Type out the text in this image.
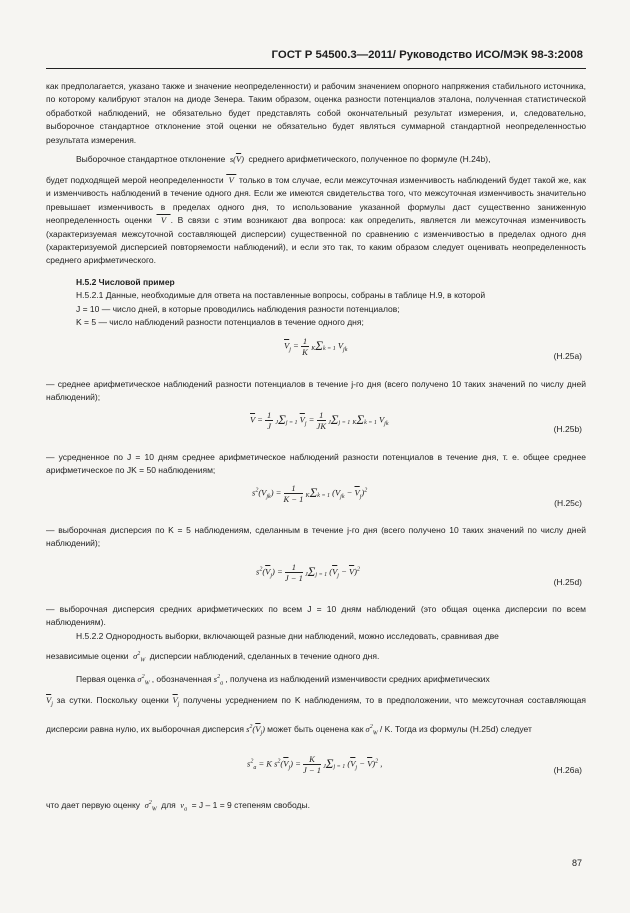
ГОСТ Р 54500.3—2011/ Руководство ИСО/МЭК 98-3:2008
как предполагается, указано также и значение неопределенности) и рабочим значением опорного напряжения стабильного источника, по которому калибруют эталон на диоде Зенера. Таким образом, оценка разности потенциалов эталона, полученная статистической обработкой наблюдений, не обязательно будет представлять собой окончательный результат измерения, и, следовательно, выборочное стандартное отклонение этой оценки не обязательно будет являться суммарной стандартной неопределенностью результата измерения.
Выборочное стандартное отклонение  $s(\overline{V})$  среднего арифметического, полученное по формуле (Н.24b),
будет подходящей мерой неопределенности  V  только в том случае, если межсуточная изменчивость наблюдений будет такой же, как и изменчивость наблюдений в течение одного дня. Если же имеются свидетельства того, что межсуточная изменчивость значительно превышает изменчивость в пределах одного дня, то использование указанной формулы даст существенно заниженную неопределенность оценки  V . В связи с этим возникают два вопроса: как определить, является ли межсуточная изменчивость (характеризуемая межсуточной составляющей дисперсии) существенной по сравнению с изменчивостью в пределах одного дня (характеризуемой дисперсией повторяемости наблюдений), и если это так, то каким образом следует оценивать неопределенность среднего арифметического.
Н.5.2 Числовой пример
Н.5.2.1 Данные, необходимые для ответа на поставленные вопросы, собраны в таблице Н.9, в которой
J = 10 — число дней, в которые проводились наблюдения разности потенциалов;
K = 5 — число наблюдений разности потенциалов в течение одного дня;
$\overline{V}_j = \frac{1}{K}$ KΣk = 1 $V_{jk}$
(Н.25a)
— среднее арифметическое наблюдений разности потенциалов в течение j-го дня (всего получено 10 таких значений по числу дней наблюдений);
$\overline{V} = \frac{1}{J}$ JΣj = 1 $\overline{V}_j = \frac{1}{JK}$ JΣj = 1 KΣk = 1 $V_{jk}$	(Н.25b)
— усредненное по J = 10 дням среднее арифметическое наблюдений разности потенциалов в течение дня, т. е. общее среднее арифметическое по JK = 50 наблюдениям;
$s^2(V_{jk}) = \frac{1}{K - 1}$ KΣk = 1 $(V_{jk} - \overline{V}_j)^2$
(Н.25c)
— выборочная дисперсия по K = 5 наблюдениям, сделанным в течение j-го дня (всего получено 10 таких значений по числу дней наблюдений);
$s^2(\overline{V}_j) = \frac{1}{J - 1}$ JΣj = 1 $(\overline{V}_j - \overline{V})^2$
(Н.25d)
— выборочная дисперсия средних арифметических по всем J = 10 дням наблюдений (это общая оценка дисперсии по всем наблюдениям).
Н.5.2.2 Однородность выборки, включающей разные дни наблюдений, можно исследовать, сравнивая две
независимые оценки  $\sigma^2_W$ дисперсии наблюдений, сделанных в течение одного дня.
Первая оценка $\sigma^2_W$ , обозначенная $s^2_a$ , получена из наблюдений изменчивости средних арифметических
$\overline{V}_j$ за сутки. Поскольку оценки $\overline{V}_j$ получены усреднением по K наблюдениям, то в предположении, что межсуточная составляющая дисперсии равна нулю, их выборочная дисперсия $s^2(\overline{V}_j)$ может быть оценена как $\sigma^2_W$ / K. Тогда из формулы (Н.25d) следует
$s^2_a = K$ $s^2(\overline{V}_j) = \frac{K}{J - 1}$ JΣj = 1 $(\overline{V}_j - \overline{V})^2$ ,
(Н.26a)
что дает первую оценку  $\sigma^2_W$ для  $\nu_a = J - 1 = 9$ степеням свободы.
87
